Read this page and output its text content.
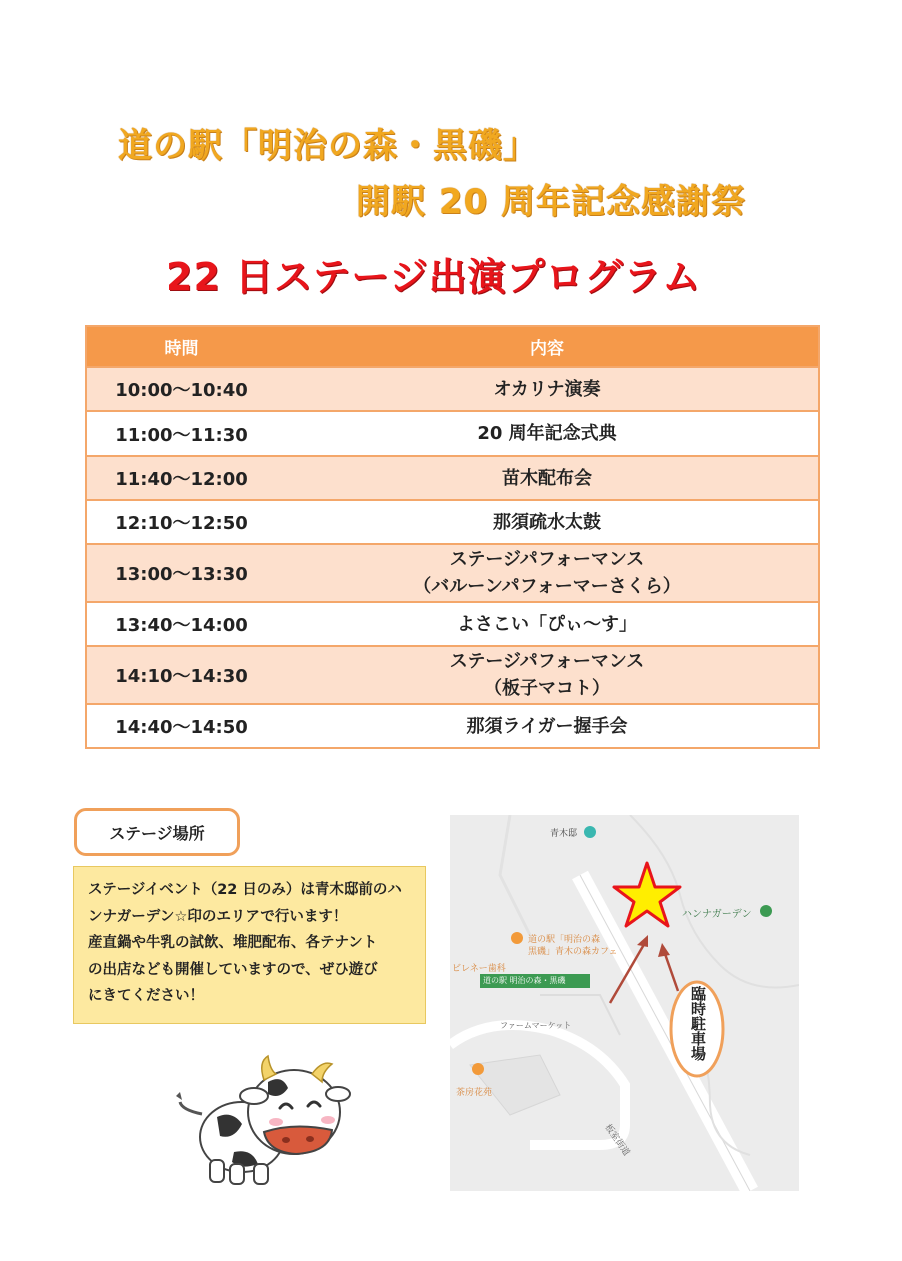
道の駅「明治の森・黒磯」
開駅 20 周年記念感謝祭
22 日ステージ出演プログラム
時間	内容
10:00～10:40	オカリナ演奏
11:00～11:30	20 周年記念式典
11:40～12:00	苗木配布会
12:10～12:50	那須疏水太鼓
13:00～13:30	ステージパフォーマンス
（バルーンパフォーマーさくら）

13:40～14:00	よさこい「ぴぃ～す」
14:10～14:30	ステージパフォーマンス
（板子マコト）

14:40～14:50	那須ライガー握手会
ステージ場所
ステージイベント（22 日のみ）は青木邸前のハ
ンナガーデン☆印のエリアで行います！
産直鍋や牛乳の試飲、堆肥配布、各テナント
の出店なども開催していますので、ぜひ遊び
にきてください！
青木邸
ハンナガーデン
道の駅「明治の森
黒磯」青木の森カフェ
ビレネー歯科
道の駅 明治の森・黒磯
ファームマーケット
茶房花苑
板室街道
臨時駐車場
